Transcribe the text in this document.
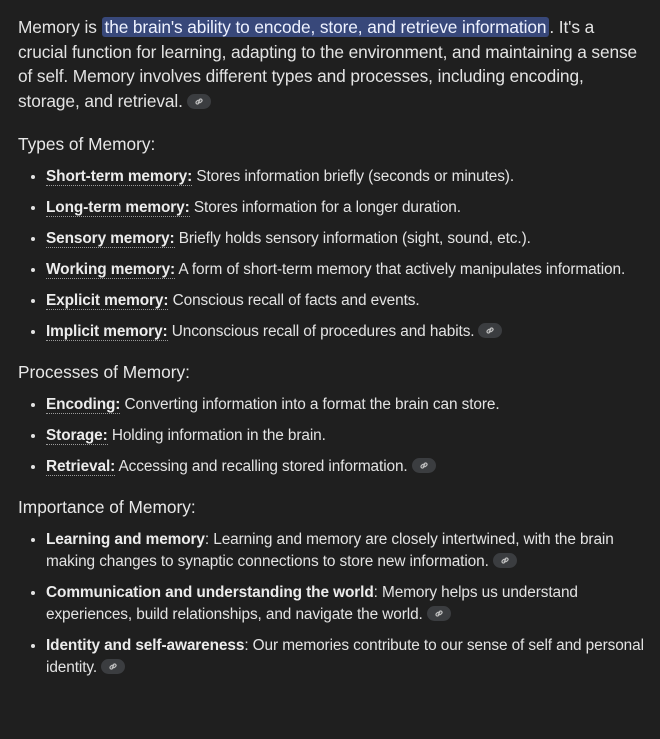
Memory is the brain's ability to encode, store, and retrieve information . It's a crucial function for learning, adapting to the environment, and maintaining a sense of self. Memory involves different types and processes, including encoding, storage, and retrieval.

Types of Memory:
• Short-term memory: Stores information briefly (seconds or minutes).
• Long-term memory: Stores information for a longer duration.
• Sensory memory: Briefly holds sensory information (sight, sound, etc.).
• Working memory: A form of short-term memory that actively manipulates information.
• Explicit memory: Conscious recall of facts and events.
• Implicit memory: Unconscious recall of procedures and habits.
Processes of Memory:
• Encoding: Converting information into a format the brain can store.
• Storage: Holding information in the brain.
• Retrieval: Accessing and recalling stored information.
Importance of Memory:
• Learning and memory: Learning and memory are closely intertwined, with the brain making changes to synaptic connections to store new information.
• Communication and understanding the world: Memory helps us understand experiences, build relationships, and navigate the world.
• Identity and self-awareness: Our memories contribute to our sense of self and personal identity.
